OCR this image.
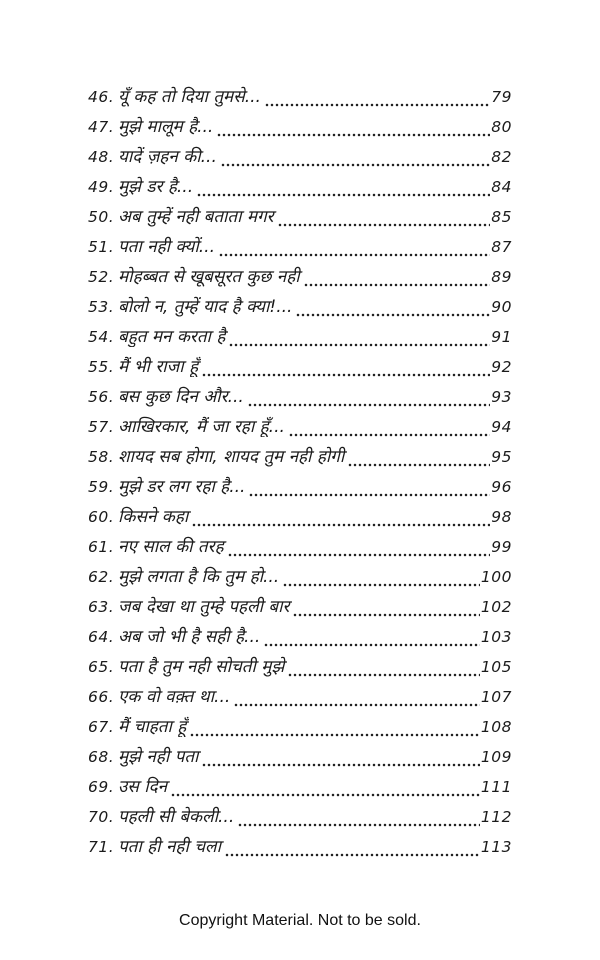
46. यूँ कह तो दिया तुमसे...	79
47. मुझे मालूम है...	80
48. यादें ज़हन की...	82
49. मुझे डर है...	84
50. अब तुम्हें नही बताता मगर	85
51. पता नही क्यों...	87
52. मोहब्बत से खूबसूरत कुछ नही	89
53. बोलो न, तुम्हें याद है क्या!...	90
54. बहुत मन करता है	91
55. मैं भी राजा हूँ	92
56. बस कुछ दिन और...	93
57. आखिरकार, मैं जा रहा हूँ...	94
58. शायद सब होगा, शायद तुम नही होगी	95
59. मुझे डर लग रहा है...	96
60. किसने कहा	98
61. नए साल की तरह	99
62. मुझे लगता है कि तुम हो...	100
63. जब देखा था तुम्हे पहली बार	102
64. अब जो भी है सही है...	103
65. पता है तुम नही सोचती मुझे	105
66. एक वो वक़्त था...	107
67. मैं चाहता हूँ	108
68. मुझे नही पता	109
69. उस दिन	111
70. पहली सी बेकली...	112
71. पता ही नही चला	113
Copyright Material. Not to be sold.
